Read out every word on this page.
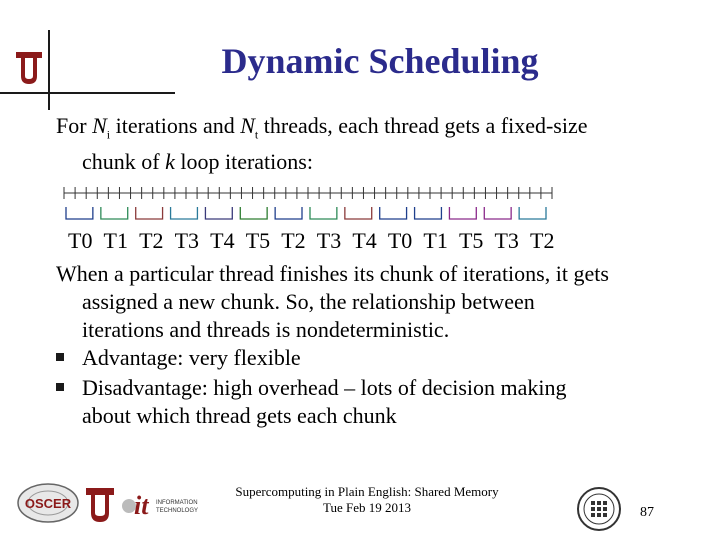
Dynamic Scheduling

For $N_i$ iterations and $N_t$ threads, each thread gets a fixed-size
chunk of k loop iterations:

T0 T1 T2 T3 T4 T5 T2 T3 T4 T0 T1 T5 T3 T2

When a particular thread finishes its chunk of iterations, it gets
assigned a new chunk. So, the relationship between
iterations and threads is nondeterministic.

Advantage: very flexible
Disadvantage: high overhead – lots of decision making
about which thread gets each chunk
OSCER it INFORMATION
TECHNOLOGY
Supercomputing in Plain English: Shared Memory
Tue Feb 19 2013	87
